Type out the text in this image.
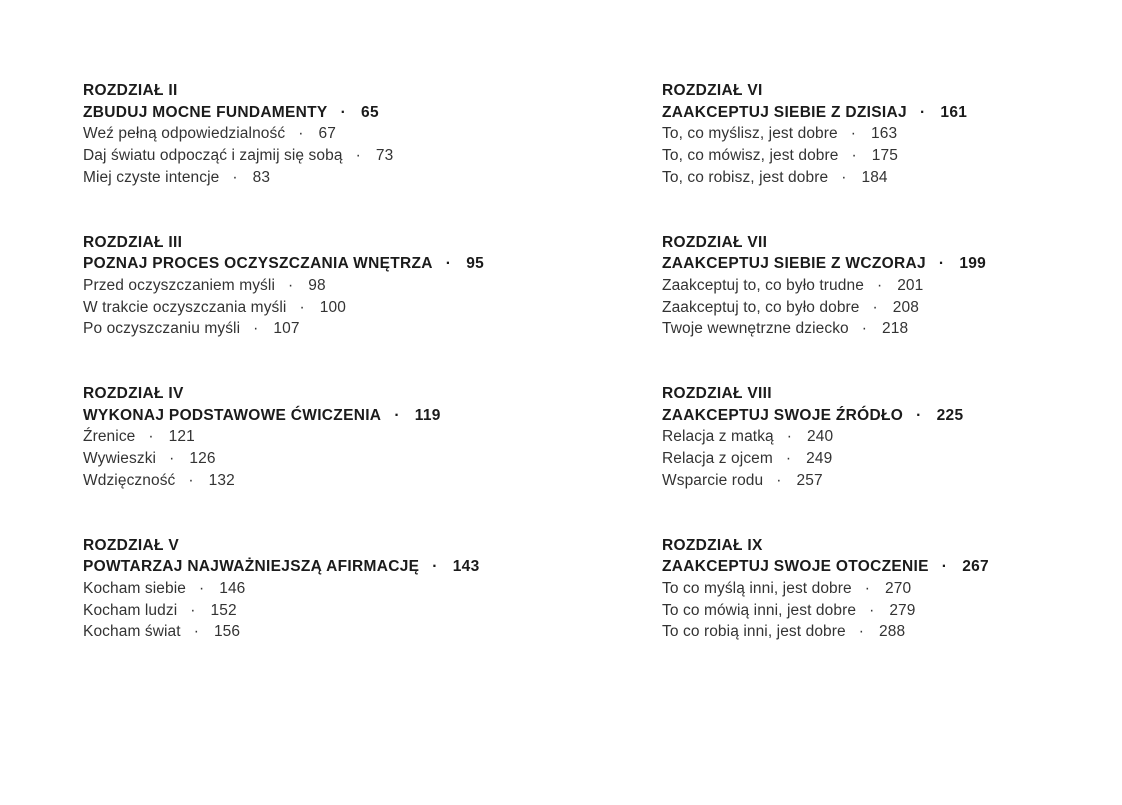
ROZDZIAŁ II
ZBUDUJ MOCNE FUNDAMENTY · 65
Weź pełną odpowiedzialność · 67
Daj światu odpocząć i zajmij się sobą · 73
Miej czyste intencje · 83
ROZDZIAŁ III
POZNAJ PROCES OCZYSZCZANIA WNĘTRZA · 95
Przed oczyszczaniem myśli · 98
W trakcie oczyszczania myśli · 100
Po oczyszczaniu myśli · 107
ROZDZIAŁ IV
WYKONAJ PODSTAWOWE ĆWICZENIA · 119
Źrenice · 121
Wywieszki · 126
Wdzięczność · 132
ROZDZIAŁ V
POWTARZAJ NAJWAŻNIEJSZĄ AFIRMACJĘ · 143
Kocham siebie · 146
Kocham ludzi · 152
Kocham świat · 156
ROZDZIAŁ VI
ZAAKCEPTUJ SIEBIE Z DZISIAJ · 161
To, co myślisz, jest dobre · 163
To, co mówisz, jest dobre · 175
To, co robisz, jest dobre · 184
ROZDZIAŁ VII
ZAAKCEPTUJ SIEBIE Z WCZORAJ · 199
Zaakceptuj to, co było trudne · 201
Zaakceptuj to, co było dobre · 208
Twoje wewnętrzne dziecko · 218
ROZDZIAŁ VIII
ZAAKCEPTUJ SWOJE ŹRÓDŁO · 225
Relacja z matką · 240
Relacja z ojcem · 249
Wsparcie rodu · 257
ROZDZIAŁ IX
ZAAKCEPTUJ SWOJE OTOCZENIE · 267
To co myślą inni, jest dobre · 270
To co mówią inni, jest dobre · 279
To co robią inni, jest dobre · 288
